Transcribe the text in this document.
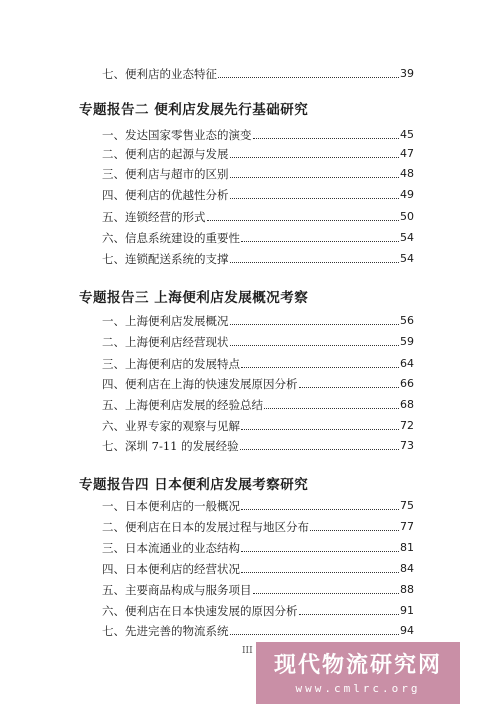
七、便利店的业态特征	39
专题报告二 便利店发展先行基础研究
一、发达国家零售业态的演变	45
二、便利店的起源与发展	47
三、便利店与超市的区别	48
四、便利店的优越性分析	49
五、连锁经营的形式	50
六、信息系统建设的重要性	54
七、连锁配送系统的支撑	54
专题报告三 上海便利店发展概况考察
一、上海便利店发展概况	56
二、上海便利店经营现状	59
三、上海便利店的发展特点	64
四、便利店在上海的快速发展原因分析	66
五、上海便利店发展的经验总结	68
六、业界专家的观察与见解	72
七、深圳 7-11 的发展经验	73
专题报告四 日本便利店发展考察研究
一、日本便利店的一般概况	75
二、便利店在日本的发展过程与地区分布	77
三、日本流通业的业态结构	81
四、日本便利店的经营状况	84
五、主要商品构成与服务项目	88
六、便利店在日本快速发展的原因分析	91
七、先进完善的物流系统	94
III
现代物流研究网
www.cmlrc.org
